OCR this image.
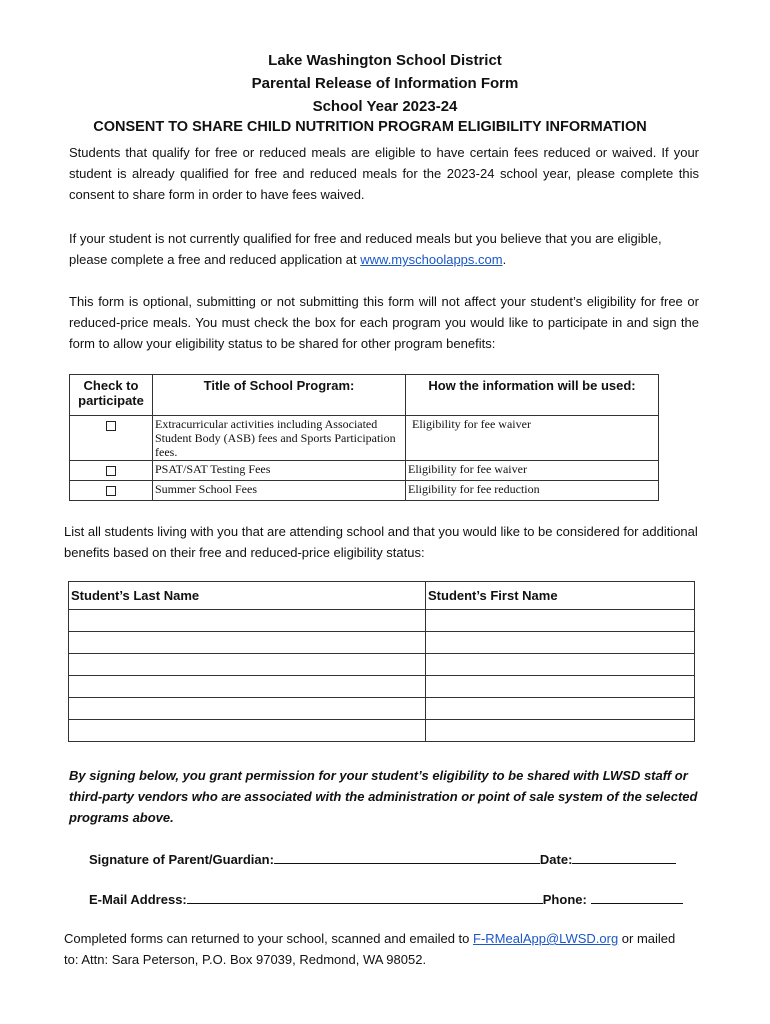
Lake Washington School District
Parental Release of Information Form
School Year 2023-24
CONSENT TO SHARE CHILD NUTRITION PROGRAM ELIGIBILITY INFORMATION
Students that qualify for free or reduced meals are eligible to have certain fees reduced or waived. If your student is already qualified for free and reduced meals for the 2023-24 school year, please complete this consent to share form in order to have fees waived.
If your student is not currently qualified for free and reduced meals but you believe that you are eligible, please complete a free and reduced application at www.myschoolapps.com.
This form is optional, submitting or not submitting this form will not affect your student’s eligibility for free or reduced-price meals. You must check the box for each program you would like to participate in and sign the form to allow your eligibility status to be shared for other program benefits:
Check to participate	Title of School Program:	How the information will be used:
	Extracurricular activities including Associated Student Body (ASB) fees and Sports Participation fees.	Eligibility for fee waiver
	PSAT/SAT Testing Fees	Eligibility for fee waiver
	Summer School Fees	Eligibility for fee reduction
List all students living with you that are attending school and that you would like to be considered for additional benefits based on their free and reduced-price eligibility status:
Student’s Last Name	Student’s First Name

By signing below, you grant permission for your student’s eligibility to be shared with LWSD staff or third-party vendors who are associated with the administration or point of sale system of the selected programs above.
Signature of Parent/Guardian:	Date:
E-Mail Address:	Phone:
Completed forms can returned to your school, scanned and emailed to F-RMealApp@LWSD.org or mailed to: Attn: Sara Peterson, P.O. Box 97039, Redmond, WA 98052.
